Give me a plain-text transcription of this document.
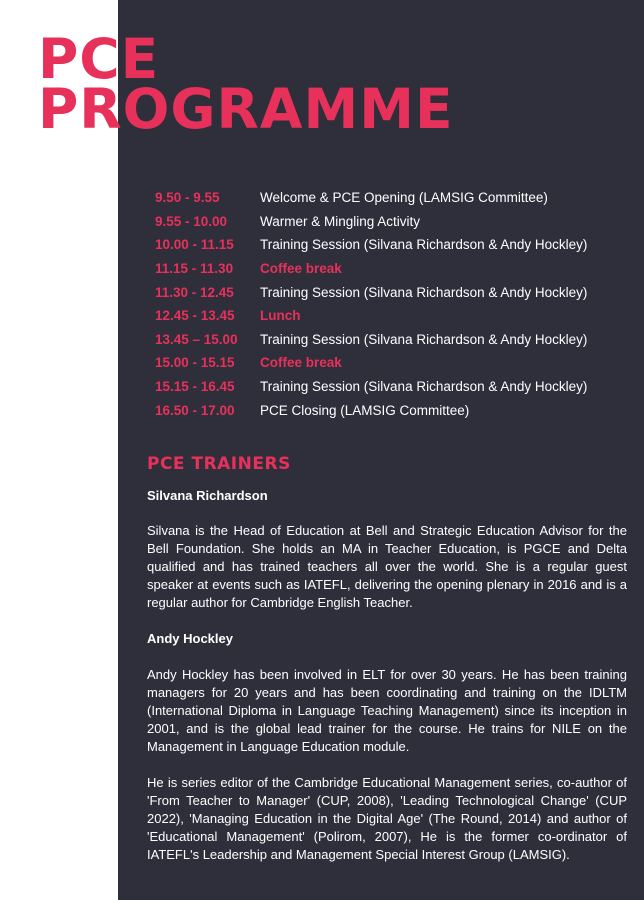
PCE
PROGRAMME
9.50 - 9.55	Welcome & PCE Opening (LAMSIG Committee)
9.55 - 10.00	Warmer & Mingling Activity
10.00 - 11.15	Training Session (Silvana Richardson & Andy Hockley)
11.15 - 11.30	Coffee break
11.30 - 12.45	Training Session (Silvana Richardson & Andy Hockley)
12.45 - 13.45	Lunch
13.45 – 15.00	Training Session (Silvana Richardson & Andy Hockley)
15.00 - 15.15	Coffee break
15.15 - 16.45	Training Session (Silvana Richardson & Andy Hockley)
16.50 - 17.00	PCE Closing (LAMSIG Committee)
PCE TRAINERS

Silvana Richardson

Silvana is the Head of Education at Bell and Strategic Education Advisor for the Bell Foundation. She holds an MA in Teacher Education, is PGCE and Delta qualified and has trained teachers all over the world. She is a regular guest speaker at events such as IATEFL, delivering the opening plenary in 2016 and is a regular author for Cambridge English Teacher.

Andy Hockley

Andy Hockley has been involved in ELT for over 30 years. He has been training managers for 20 years and has been coordinating and training on the IDLTM (International Diploma in Language Teaching Management) since its inception in 2001, and is the global lead trainer for the course. He trains for NILE on the Management in Language Education module.

He is series editor of the Cambridge Educational Management series, co-author of 'From Teacher to Manager' (CUP, 2008), 'Leading Technological Change' (CUP 2022), 'Managing Education in the Digital Age' (The Round, 2014) and author of 'Educational Management' (Polirom, 2007), He is the former co-ordinator of IATEFL's Leadership and Management Special Interest Group (LAMSIG).
